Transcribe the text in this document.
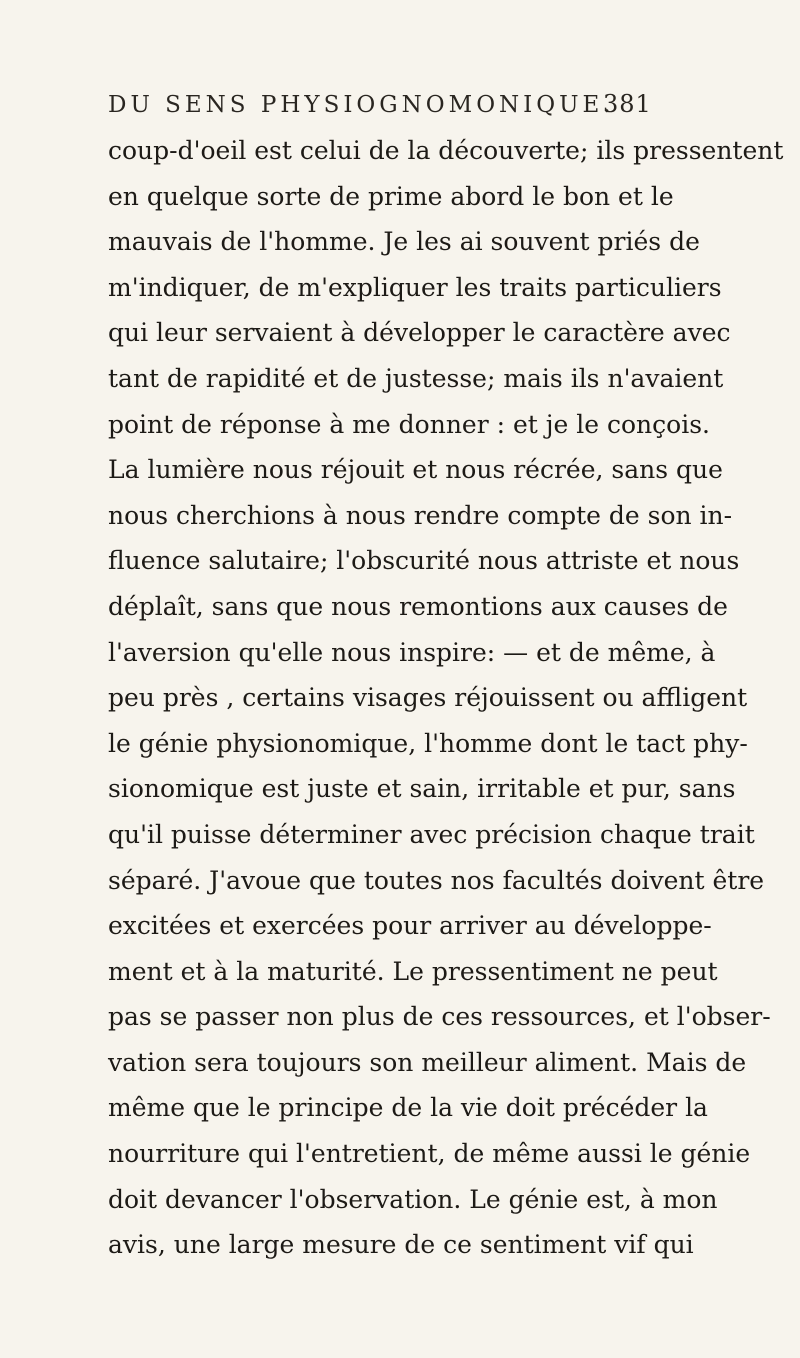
DU SENS PHYSIOGNOMONIQUE.
381
coup-d'oeil est celui de la découverte; ils pressentent
en quelque sorte de prime abord le bon et le
mauvais de l'homme. Je les ai souvent priés de
m'indiquer, de m'expliquer les traits particuliers
qui leur servaient à développer le caractère avec
tant de rapidité et de justesse; mais ils n'avaient
point de réponse à me donner : et je le conçois.
La lumière nous réjouit et nous récrée, sans que
nous cherchions à nous rendre compte de son in-
fluence salutaire; l'obscurité nous attriste et nous
déplaît, sans que nous remontions aux causes de
l'aversion qu'elle nous inspire: — et de même, à
peu près , certains visages réjouissent ou affligent
le génie physionomique, l'homme dont le tact phy-
sionomique est juste et sain, irritable et pur, sans
qu'il puisse déterminer avec précision chaque trait
séparé. J'avoue que toutes nos facultés doivent être
excitées et exercées pour arriver au développe-
ment et à la maturité. Le pressentiment ne peut
pas se passer non plus de ces ressources, et l'obser-
vation sera toujours son meilleur aliment. Mais de
même que le principe de la vie doit précéder la
nourriture qui l'entretient, de même aussi le génie
doit devancer l'observation. Le génie est, à mon
avis, une large mesure de ce sentiment vif qui
